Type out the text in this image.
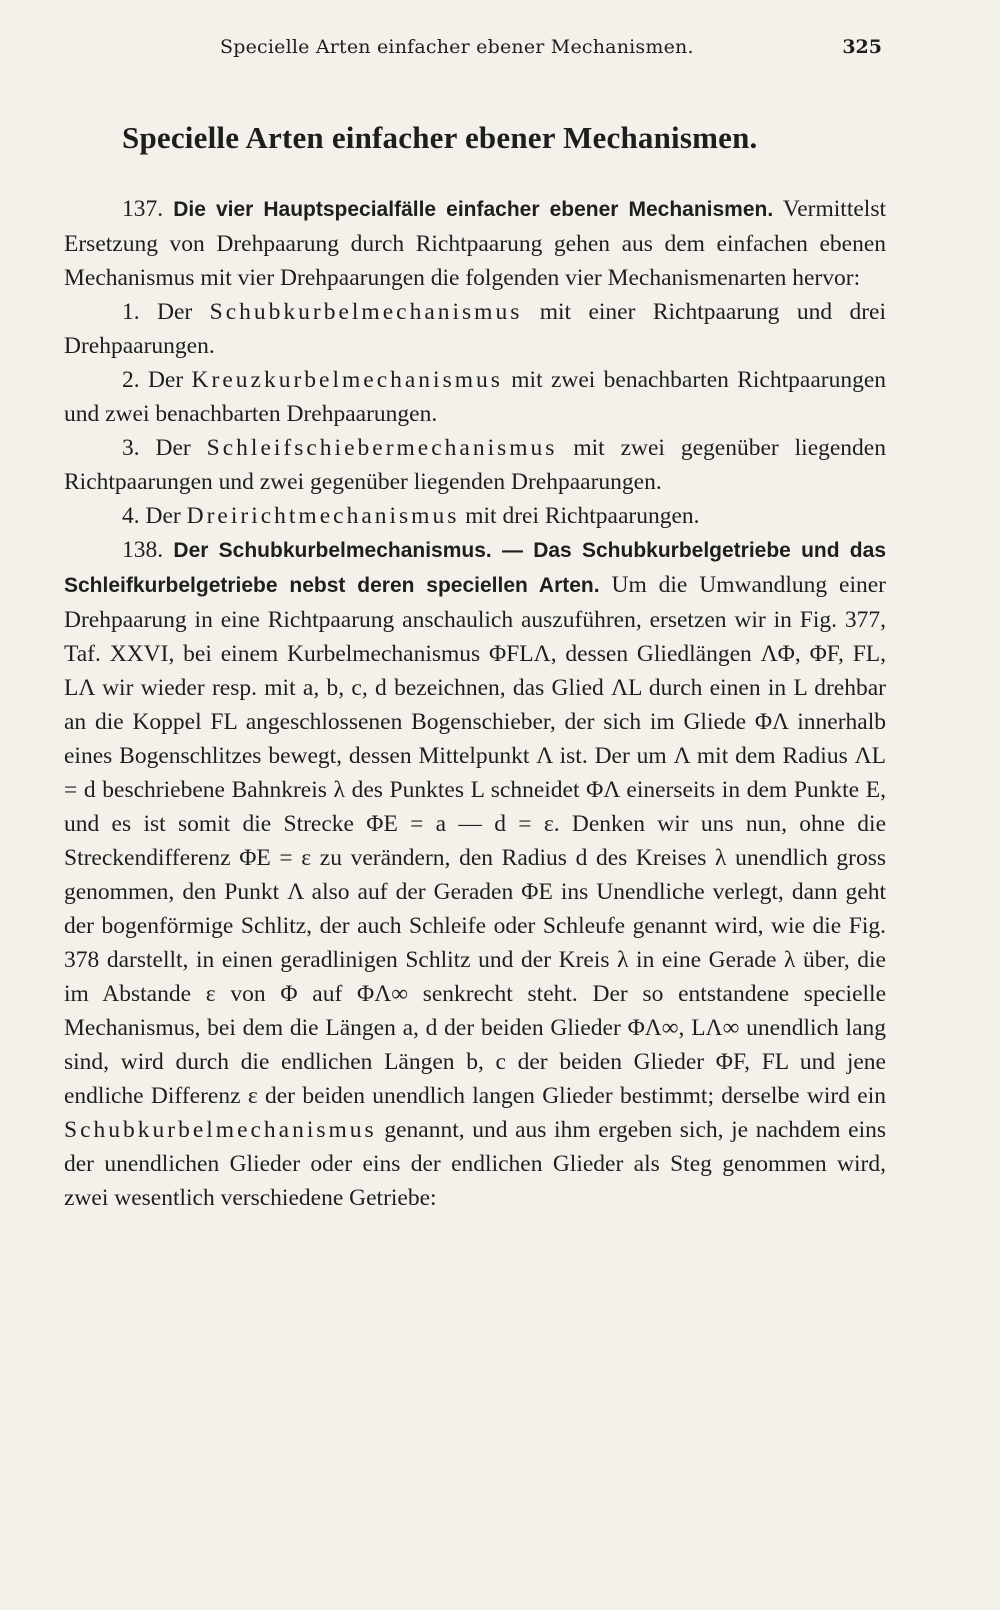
Specielle Arten einfacher ebener Mechanismen.	325
Specielle Arten einfacher ebener Mechanismen.

137. Die vier Hauptspecialfälle einfacher ebener Mechanismen. Vermittelst Ersetzung von Drehpaarung durch Richtpaarung gehen aus dem einfachen ebenen Mechanismus mit vier Drehpaarungen die folgenden vier Mechanismenarten hervor:

1. Der Schubkurbelmechanismus mit einer Richtpaarung und drei Drehpaarungen.

2. Der Kreuzkurbelmechanismus mit zwei benachbarten Richtpaarungen und zwei benachbarten Drehpaarungen.

3. Der Schleifschiebermechanismus mit zwei gegenüber liegenden Richtpaarungen und zwei gegenüber liegenden Drehpaarungen.

4. Der Dreirichtmechanismus mit drei Richtpaarungen.

138. Der Schubkurbelmechanismus. — Das Schubkurbelgetriebe und das Schleifkurbelgetriebe nebst deren speciellen Arten. Um die Umwandlung einer Drehpaarung in eine Richtpaarung anschaulich auszuführen, ersetzen wir in Fig. 377, Taf. XXVI, bei einem Kurbelmechanismus ΦFLΛ, dessen Gliedlängen ΛΦ, ΦF, FL, LΛ wir wieder resp. mit a, b, c, d bezeichnen, das Glied ΛL durch einen in L drehbar an die Koppel FL angeschlossenen Bogenschieber, der sich im Gliede ΦΛ innerhalb eines Bogenschlitzes bewegt, dessen Mittelpunkt Λ ist. Der um Λ mit dem Radius ΛL = d beschriebene Bahnkreis λ des Punktes L schneidet ΦΛ einerseits in dem Punkte E, und es ist somit die Strecke ΦE = a — d = ε. Denken wir uns nun, ohne die Streckendifferenz ΦE = ε zu verändern, den Radius d des Kreises λ unendlich gross genommen, den Punkt Λ also auf der Geraden ΦE ins Unendliche verlegt, dann geht der bogenförmige Schlitz, der auch Schleife oder Schleufe genannt wird, wie die Fig. 378 darstellt, in einen geradlinigen Schlitz und der Kreis λ in eine Gerade λ über, die im Abstande ε von Φ auf ΦΛ∞ senkrecht steht. Der so entstandene specielle Mechanismus, bei dem die Längen a, d der beiden Glieder ΦΛ∞, LΛ∞ unendlich lang sind, wird durch die endlichen Längen b, c der beiden Glieder ΦF, FL und jene endliche Differenz ε der beiden unendlich langen Glieder bestimmt; derselbe wird ein Schubkurbelmechanismus genannt, und aus ihm ergeben sich, je nachdem eins der unendlichen Glieder oder eins der endlichen Glieder als Steg genommen wird, zwei wesentlich verschiedene Getriebe:
